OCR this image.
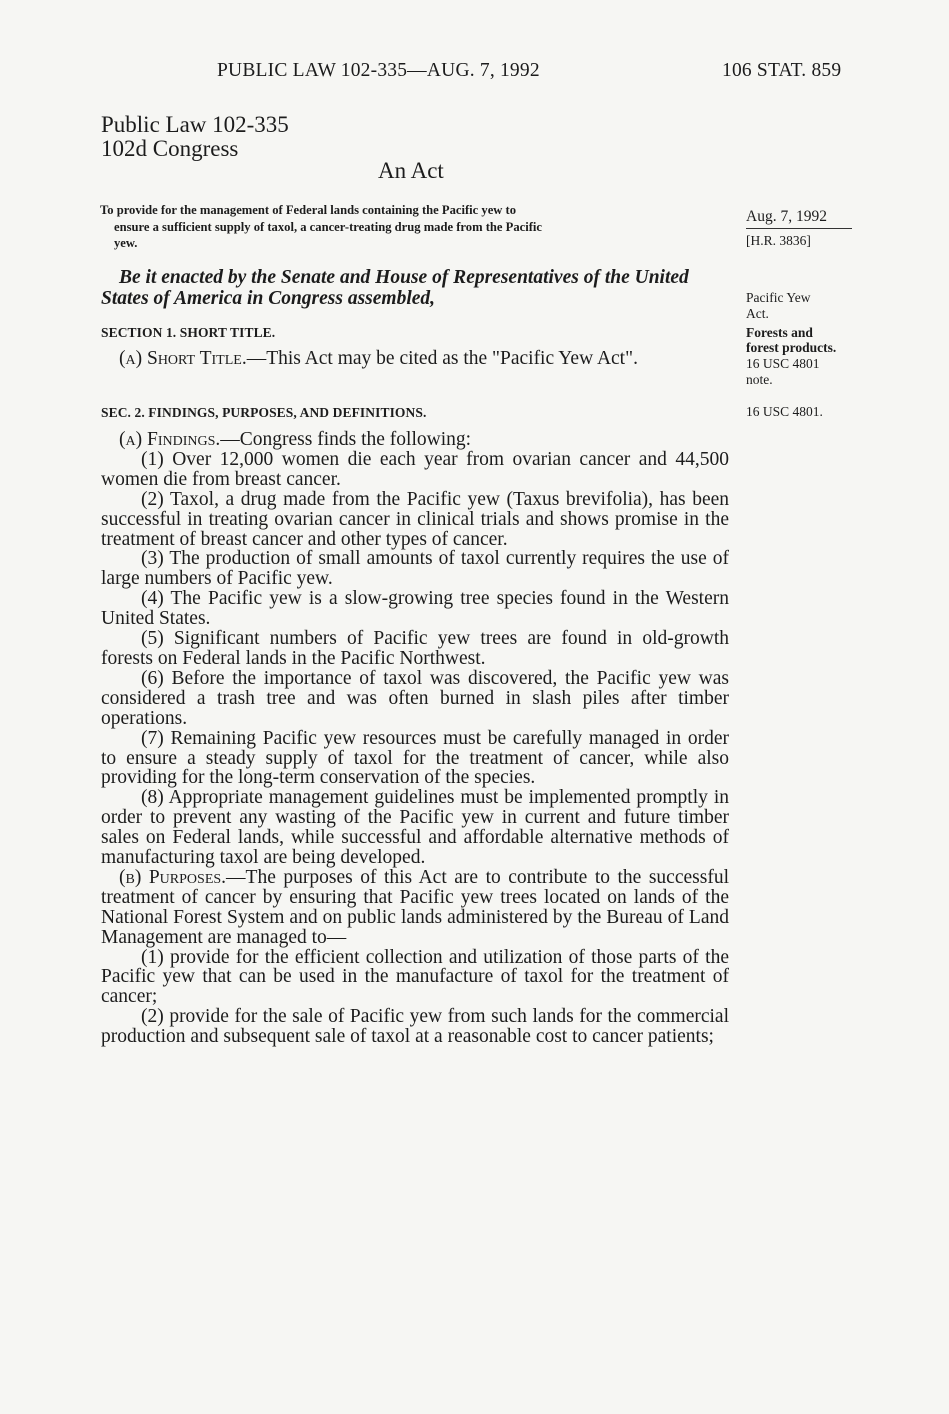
PUBLIC LAW 102-335—AUG. 7, 1992	106 STAT. 859
Public Law 102-335
102d Congress
An Act
To provide for the management of Federal lands containing the Pacific yew to
ensure a sufficient supply of taxol, a cancer-treating drug made from the Pacific
yew.
Aug. 7, 1992
[H.R. 3836]
Pacific Yew
Act.
Forests and
forest products.
16 USC 4801
note.
16 USC 4801.
Be it enacted by the Senate and House of Representatives of the United States of America in Congress assembled,
SECTION 1. SHORT TITLE.

(a) Short Title.—This Act may be cited as the "Pacific Yew Act".

SEC. 2. FINDINGS, PURPOSES, AND DEFINITIONS.

(a) Findings.—Congress finds the following:

(1) Over 12,000 women die each year from ovarian cancer and 44,500 women die from breast cancer.

(2) Taxol, a drug made from the Pacific yew (Taxus brevifolia), has been successful in treating ovarian cancer in clinical trials and shows promise in the treatment of breast cancer and other types of cancer.

(3) The production of small amounts of taxol currently requires the use of large numbers of Pacific yew.

(4) The Pacific yew is a slow-growing tree species found in the Western United States.

(5) Significant numbers of Pacific yew trees are found in old-growth forests on Federal lands in the Pacific Northwest.

(6) Before the importance of taxol was discovered, the Pacific yew was considered a trash tree and was often burned in slash piles after timber operations.

(7) Remaining Pacific yew resources must be carefully managed in order to ensure a steady supply of taxol for the treatment of cancer, while also providing for the long-term conservation of the species.

(8) Appropriate management guidelines must be implemented promptly in order to prevent any wasting of the Pacific yew in current and future timber sales on Federal lands, while successful and affordable alternative methods of manufacturing taxol are being developed.

(b) Purposes.—The purposes of this Act are to contribute to the successful treatment of cancer by ensuring that Pacific yew trees located on lands of the National Forest System and on public lands administered by the Bureau of Land Management are managed to—

(1) provide for the efficient collection and utilization of those parts of the Pacific yew that can be used in the manufacture of taxol for the treatment of cancer;

(2) provide for the sale of Pacific yew from such lands for the commercial production and subsequent sale of taxol at a reasonable cost to cancer patients;
